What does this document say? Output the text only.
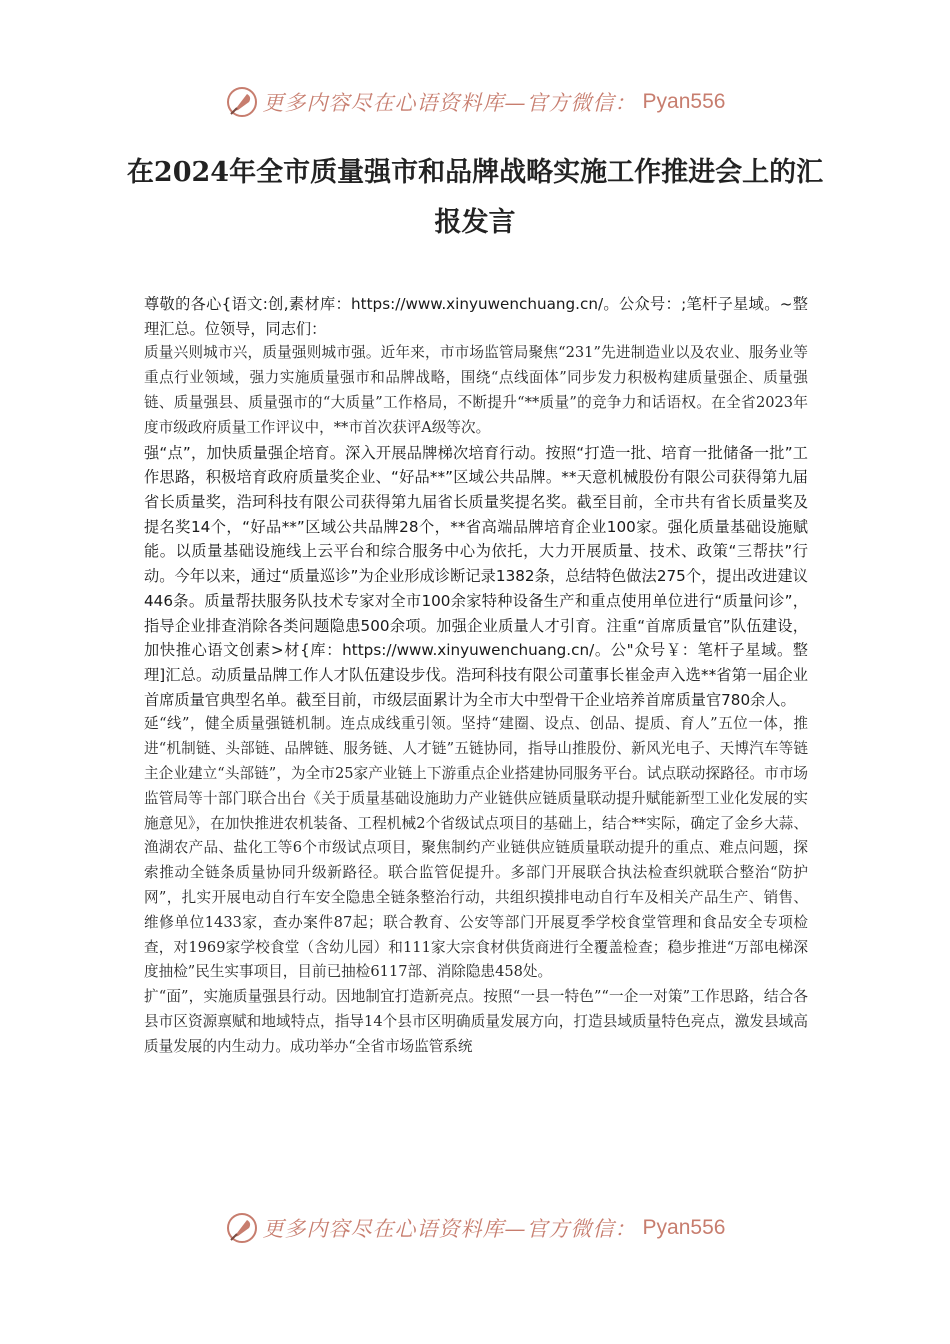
更多内容尽在心语资料库—官方微信： Pyan556
在2024年全市质量强市和品牌战略实施工作推进会上的汇报发言

尊敬的各心{语文:创,素材库：https://www.xinyuwenchuang.cn/。公众号：;笔杆子星域。~整理汇总。位领导，同志们：

质量兴则城市兴，质量强则城市强。近年来，市市场监管局聚焦“231”先进制造业以及农业、服务业等重点行业领域，强力实施质量强市和品牌战略，围绕“点线面体”同步发力积极构建质量强企、质量强链、质量强县、质量强市的“大质量”工作格局，不断提升“**质量”的竞争力和话语权。在全省2023年度市级政府质量工作评议中，**市首次获评A级等次。

强“点”，加快质量强企培育。深入开展品牌梯次培育行动。按照“打造一批、培育一批储备一批”工作思路，积极培育政府质量奖企业、“好品**”区域公共品牌。**天意机械股份有限公司获得第九届省长质量奖，浩珂科技有限公司获得第九届省长质量奖提名奖。截至目前，全市共有省长质量奖及提名奖14个，“好品**”区域公共品牌28个，**省高端品牌培育企业100家。强化质量基础设施赋能。以质量基础设施线上云平台和综合服务中心为依托，大力开展质量、技术、政策“三帮扶”行动。今年以来，通过“质量巡诊”为企业形成诊断记录1382条，总结特色做法275个，提出改进建议446条。质量帮扶服务队技术专家对全市100余家特种设备生产和重点使用单位进行“质量问诊”，指导企业排查消除各类问题隐患500余项。加强企业质量人才引育。注重“首席质量官”队伍建设，加快推心语文创素>材{库：https://www.xinyuwenchuang.cn/。公"众号￥：笔杆子星域。整理]汇总。动质量品牌工作人才队伍建设步伐。浩珂科技有限公司董事长崔金声入选**省第一届企业首席质量官典型名单。截至目前，市级层面累计为全市大中型骨干企业培养首席质量官780余人。

延“线”，健全质量强链机制。连点成线重引领。坚持“建圈、设点、创品、提质、育人”五位一体，推进“机制链、头部链、品牌链、服务链、人才链”五链协同，指导山推股份、新风光电子、天博汽车等链主企业建立“头部链”，为全市25家产业链上下游重点企业搭建协同服务平台。试点联动探路径。市市场监管局等十部门联合出台《关于质量基础设施助力产业链供应链质量联动提升赋能新型工业化发展的实施意见》，在加快推进农机装备、工程机械2个省级试点项目的基础上，结合**实际，确定了金乡大蒜、渔湖农产品、盐化工等6个市级试点项目，聚焦制约产业链供应链质量联动提升的重点、难点问题，探索推动全链条质量协同升级新路径。联合监管促提升。多部门开展联合执法检查织就联合整治“防护网”，扎实开展电动自行车安全隐患全链条整治行动，共组织摸排电动自行车及相关产品生产、销售、维修单位1433家，查办案件87起；联合教育、公安等部门开展夏季学校食堂管理和食品安全专项检查，对1969家学校食堂（含幼儿园）和111家大宗食材供货商进行全覆盖检查；稳步推进“万部电梯深度抽检”民生实事项目，目前已抽检6117部、消除隐患458处。

扩“面”，实施质量强县行动。因地制宜打造新亮点。按照“一县一特色”“一企一对策”工作思路，结合各县市区资源禀赋和地域特点，指导14个县市区明确质量发展方向，打造县域质量特色亮点，激发县域高质量发展的内生动力。成功举办“全省市场监管系统

更多内容尽在心语资料库—官方微信： Pyan556
